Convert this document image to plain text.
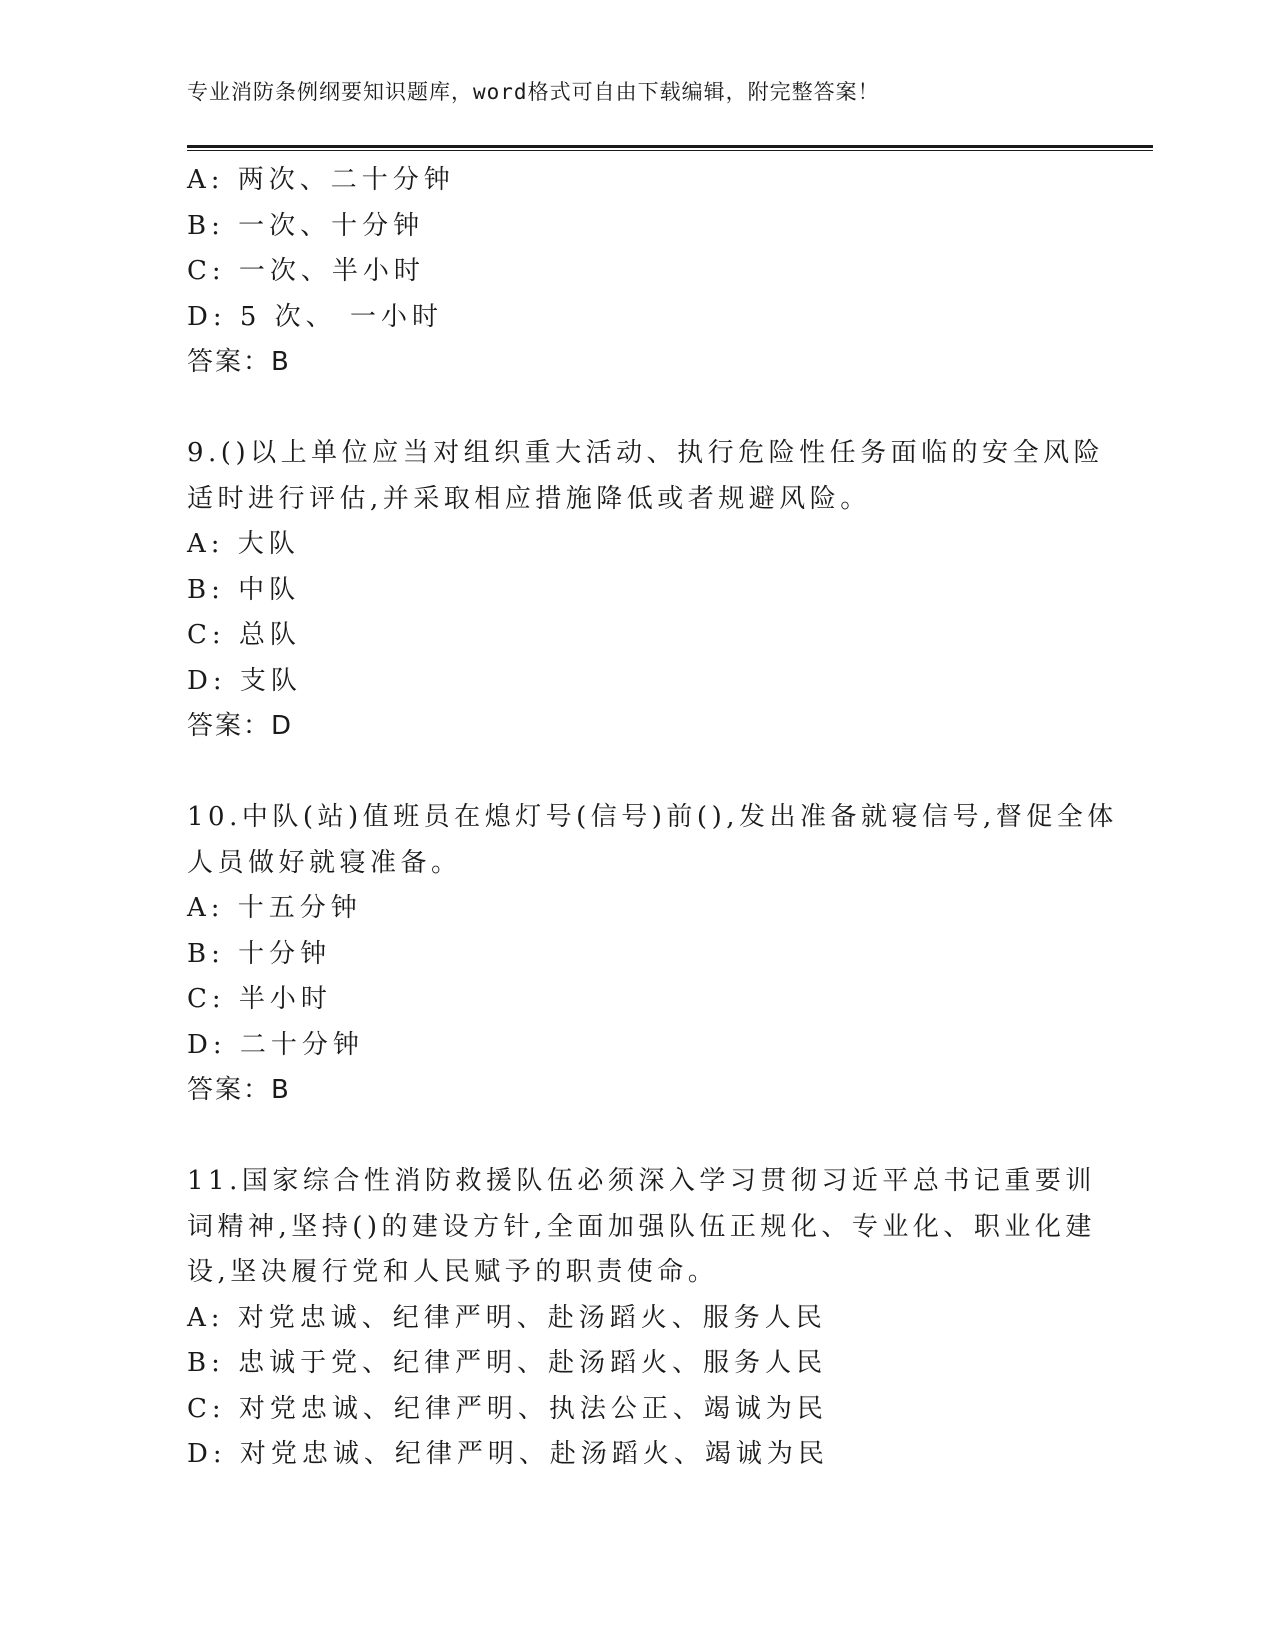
专业消防条例纲要知识题库，word格式可自由下载编辑，附完整答案！
A: 两次、二十分钟
B: 一次、十分钟
C: 一次、半小时
D: 5 次、 一小时
答案：B
9.()以上单位应当对组织重大活动、执行危险性任务面临的安全风险
适时进行评估,并采取相应措施降低或者规避风险。
A: 大队
B: 中队
C: 总队
D: 支队
答案：D
10.中队(站)值班员在熄灯号(信号)前(),发出准备就寝信号,督促全体
人员做好就寝准备。
A: 十五分钟
B: 十分钟
C: 半小时
D: 二十分钟
答案：B
11.国家综合性消防救援队伍必须深入学习贯彻习近平总书记重要训
词精神,坚持()的建设方针,全面加强队伍正规化、专业化、职业化建
设,坚决履行党和人民赋予的职责使命。
A: 对党忠诚、纪律严明、赴汤蹈火、服务人民
B: 忠诚于党、纪律严明、赴汤蹈火、服务人民
C: 对党忠诚、纪律严明、执法公正、竭诚为民
D: 对党忠诚、纪律严明、赴汤蹈火、竭诚为民
